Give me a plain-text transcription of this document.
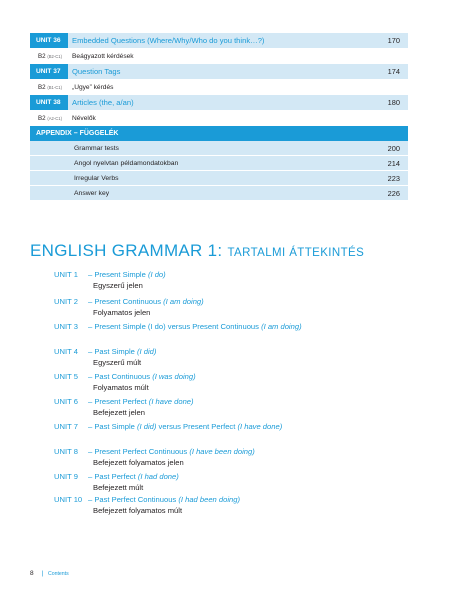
UNIT 36	Embedded Questions (Where/Why/Who do you think…?)	170
B2 (B2-C1)	Beágyazott kérdések
UNIT 37	Question Tags	174
B2 (B1-C1)	„Ugye” kérdés
UNIT 38	Articles (the, a/an)	180
B2 (A2-C1)	Névelők
APPENDIX – FÜGGELÉK
Grammar tests	200
Angol nyelvtan példamondatokban	214
Irregular Verbs	223
Answer key	226
ENGLISH GRAMMAR 1: TARTALMI ÁTTEKINTÉS
UNIT 1 – Present Simple (I do)
Egyszerű jelen
UNIT 2 – Present Continuous (I am doing)
Folyamatos jelen
UNIT 3 – Present Simple (I do) versus Present Continuous (I am doing)
UNIT 4 – Past Simple (I did)
Egyszerű múlt
UNIT 5 – Past Continuous (I was doing)
Folyamatos múlt
UNIT 6 – Present Perfect (I have done)
Befejezett jelen
UNIT 7 – Past Simple (I did) versus Present Perfect (I have done)
UNIT 8 – Present Perfect Continuous (I have been doing)
Befejezett folyamatos jelen
UNIT 9 – Past Perfect (I had done)
Befejezett múlt
UNIT 10 – Past Perfect Continuous (I had been doing)
Befejezett folyamatos múlt
8 | Contents
